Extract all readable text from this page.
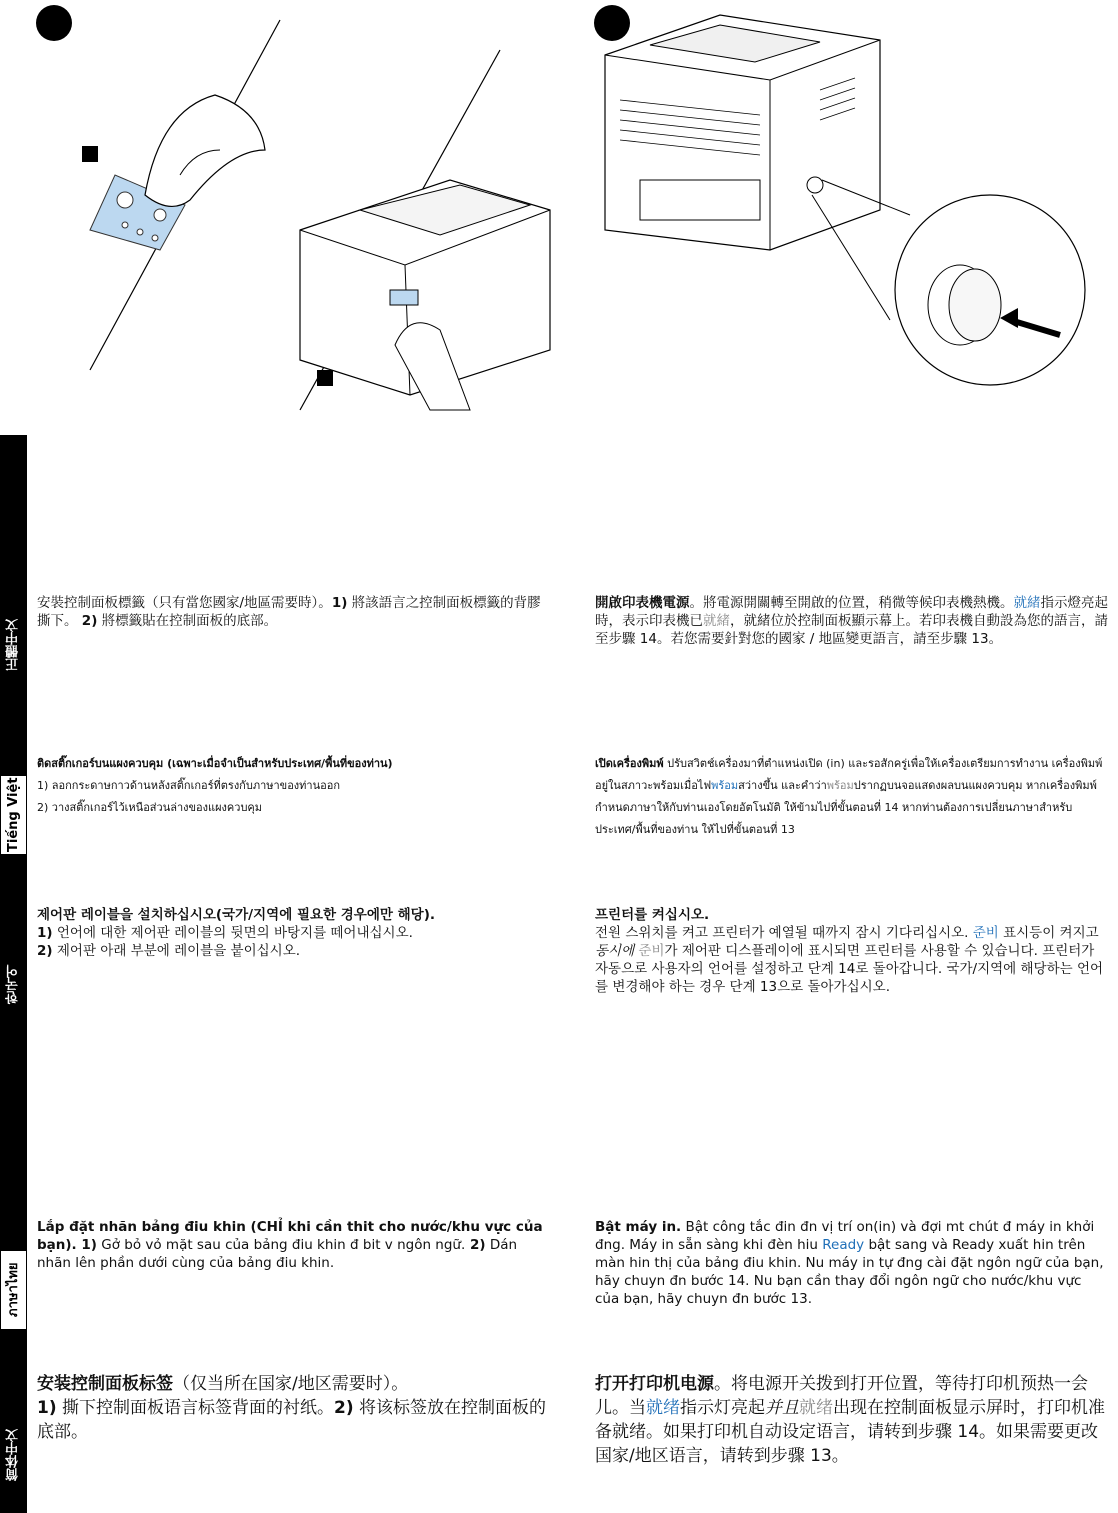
正體中文
Tiếng Việt
한국어
ภาษาไทย
简体中文

安裝控制面板標籤（只有當您國家/地區需要時）。1) 將該語言之控制面板標籤的背膠撕下。 2) 將標籤貼在控制面板的底部。

開啟印表機電源。將電源開關轉至開啟的位置，稍微等候印表機熱機。就緒指示燈亮起時，表示印表機已就緒，就緒位於控制面板顯示幕上。若印表機自動設為您的語言，請至步驟 14。若您需要針對您的國家 / 地區變更語言，請至步驟 13。

ติดสติ๊กเกอร์บนแผงควบคุม (เฉพาะเมื่อจำเป็นสำหรับประเทศ/พื้นที่ของท่าน)

1) ลอกกระดาษกาวด้านหลังสติ๊กเกอร์ที่ตรงกับภาษาของท่านออก

2) วางสติ๊กเกอร์ไว้เหนือส่วนล่างของแผงควบคุม

เปิดเครื่องพิมพ์ ปรับสวิตช์เครื่องมาที่ตำแหน่งเปิด (in) และรอสักครู่เพื่อให้เครื่องเตรียมการทำงาน เครื่องพิมพ์อยู่ในสภาวะพร้อมเมื่อไฟพร้อมสว่างขึ้น และคำว่าพร้อมปรากฏบนจอแสดงผลบนแผงควบคุม หากเครื่องพิมพ์กำหนดภาษาให้กับท่านเองโดยอัตโนมัติ ให้ข้ามไปที่ขั้นตอนที่ 14 หากท่านต้องการเปลี่ยนภาษาสำหรับประเทศ/พื้นที่ของท่าน ให้ไปที่ขั้นตอนที่ 13

제어판 레이블을 설치하십시오(국가/지역에 필요한 경우에만 해당).

1) 언어에 대한 제어판 레이블의 뒷면의 바탕지를 떼어내십시오.

2) 제어판 아래 부분에 레이블을 붙이십시오.

프린터를 켜십시오.

전원 스위치를 켜고 프린터가 예열될 때까지 잠시 기다리십시오. 준비 표시등이 켜지고 동시에 준비가 제어판 디스플레이에 표시되면 프린터를 사용할 수 있습니다. 프린터가 자동으로 사용자의 언어를 설정하고 단계 14로 돌아갑니다. 국가/지역에 해당하는 언어를 변경해야 하는 경우 단계 13으로 돌아가십시오.

Lắp đặt nhãn bảng điu khin (CHỈ khi cần thit cho nước/khu vực của bạn). 1) Gở bỏ vỏ mặt sau của bảng điu khin đ bit v ngôn ngữ. 2) Dán nhãn lên phần dưới cùng của bảng điu khin.

Bật máy in. Bật công tắc đin đn vị trí on(in) và đợi mt chút đ máy in khởi đng. Máy in sẵn sàng khi đèn hiu Ready bật sang và Ready xuất hin trên màn hin thị của bảng điu khin. Nu máy in tự đng cài đặt ngôn ngữ của bạn, hãy chuyn đn bước 14. Nu bạn cần thay đổi ngôn ngữ cho nước/khu vực của bạn, hãy chuyn đn bước 13.

安装控制面板标签（仅当所在国家/地区需要时）。

1) 撕下控制面板语言标签背面的衬纸。2) 将该标签放在控制面板的底部。

打开打印机电源。将电源开关拨到打开位置，等待打印机预热一会儿。当就绪指示灯亮起并且就绪出现在控制面板显示屏时，打印机准备就绪。如果打印机自动设定语言，请转到步骤 14。如果需要更改国家/地区语言，请转到步骤 13。
